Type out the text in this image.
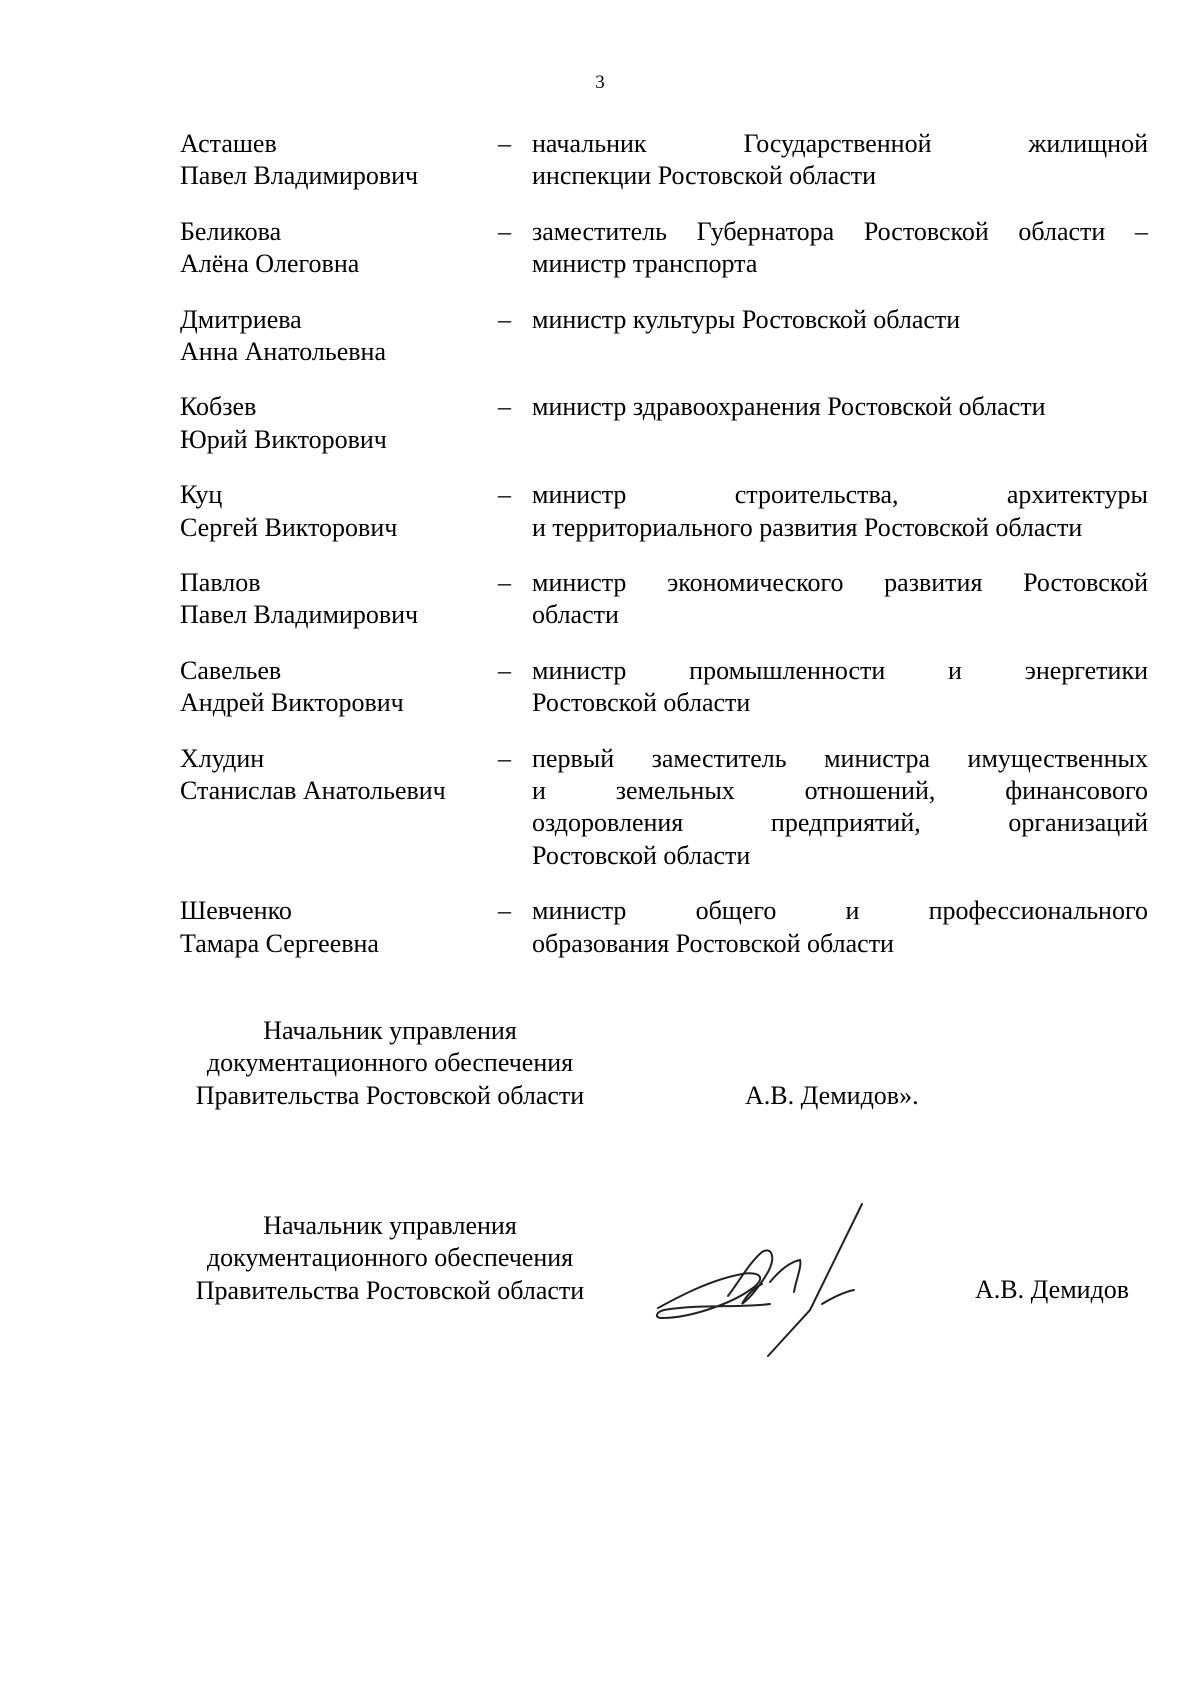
3
Асташев
Павел Владимирович
– начальник Государственной жилищной
инспекции Ростовской области
Беликова
Алёна Олеговна
– заместитель Губернатора Ростовской области –
министр транспорта
Дмитриева
Анна Анатольевна
– министр культуры Ростовской области
Кобзев
Юрий Викторович
– министр здравоохранения Ростовской области
Куц
Сергей Викторович
– министр строительства, архитектуры
и территориального развития Ростовской области
Павлов
Павел Владимирович
– министр экономического развития Ростовской
области
Савельев
Андрей Викторович
– министр промышленности и энергетики
Ростовской области
Хлудин
Станислав Анатольевич
– первый заместитель министра имущественных
и земельных отношений, финансового
оздоровления предприятий, организаций
Ростовской области
Шевченко
Тамара Сергеевна
– министр общего и профессионального
образования Ростовской области
Начальник управления
документационного обеспечения
Правительства Ростовской области	А.В. Демидов».
Начальник управления
документационного обеспечения
Правительства Ростовской области	А.В. Демидов
